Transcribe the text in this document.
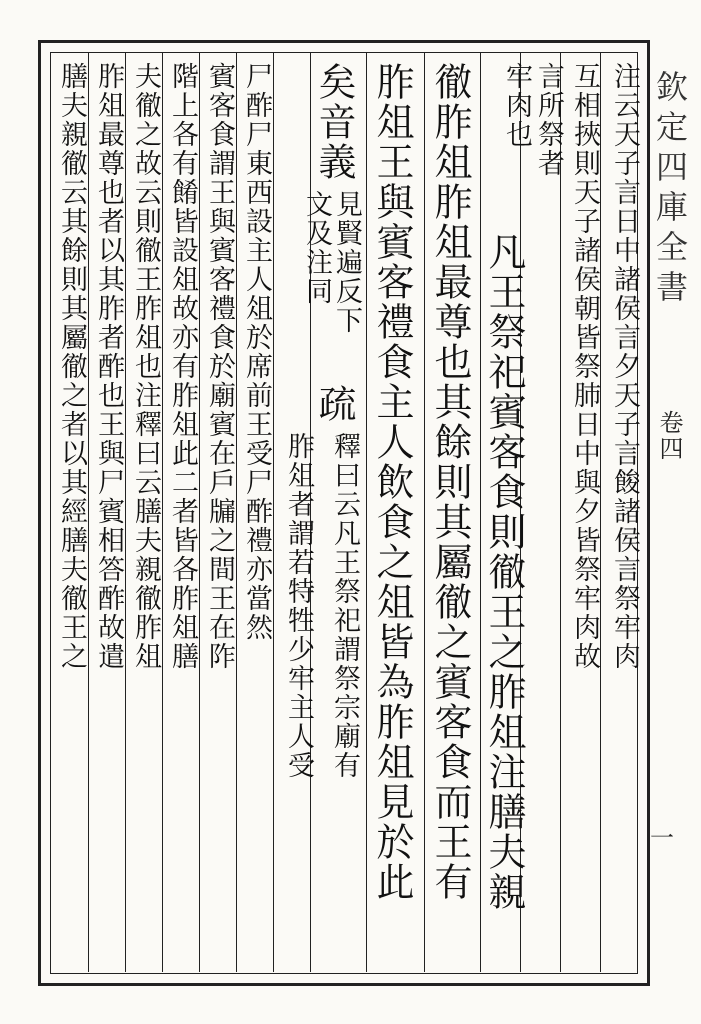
欽定四庫全書
卷四
一
注云天子言日中諸侯言夕天子言餕諸侯言祭牢肉
互相挾則天子諸侯朝皆祭肺日中與夕皆祭牢肉故
言所祭者
牢肉也
凡王祭祀賓客食則徹王之胙俎注膳夫親
徹胙俎胙俎最尊也其餘則其屬徹之賓客食而王有
胙俎王與賓客禮食主人飲食之俎皆為胙俎見於此
矣音義
見賢遍反下
文及注同
疏
釋曰云凡王祭祀謂祭宗廟有
胙俎者謂若特牲少牢主人受
尸酢尸東西設主人俎於席前王受尸酢禮亦當然
賓客食謂王與賓客禮食於廟賓在戶牖之間王在阼
階上各有餚皆設俎故亦有胙俎此二者皆各胙俎膳
夫徹之故云則徹王胙俎也注釋曰云膳夫親徹胙俎
胙俎最尊也者以其胙者酢也王與尸賓相答酢故遣
膳夫親徹云其餘則其屬徹之者以其經膳夫徹王之
